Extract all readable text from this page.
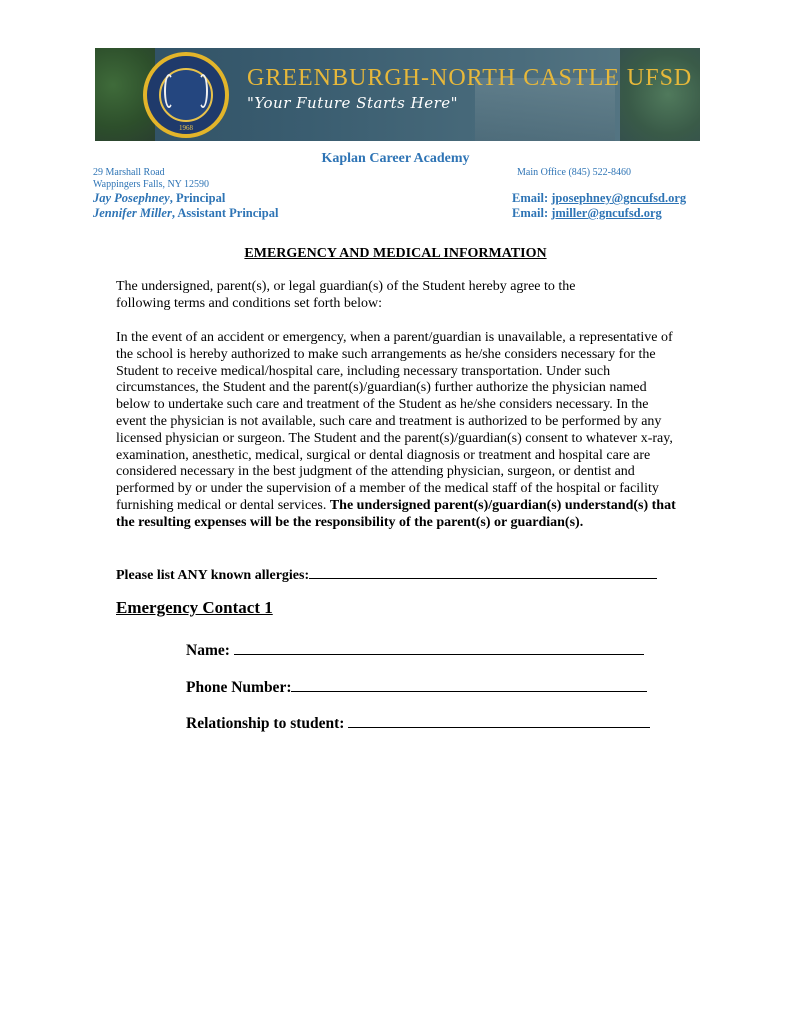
1968
GREENBURGH-NORTH CASTLE UFSD
"Your Future Starts Here"
Kaplan Career Academy
29 Marshall Road
Wappingers Falls, NY 12590
Main Office (845) 522-8460
Jay Posephney, Principal
Jennifer Miller, Assistant Principal
Email: jposephney@gncufsd.org
Email: jmiller@gncufsd.org
EMERGENCY AND MEDICAL INFORMATION
The undersigned, parent(s), or legal guardian(s) of the Student hereby agree to the following terms and conditions set forth below:
In the event of an accident or emergency, when a parent/guardian is unavailable, a representative of the school is hereby authorized to make such arrangements as he/she considers necessary for the Student to receive medical/hospital care, including necessary transportation. Under such circumstances, the Student and the parent(s)/guardian(s) further authorize the physician named below to undertake such care and treatment of the Student as he/she considers necessary. In the event the physician is not available, such care and treatment is authorized to be performed by any licensed physician or surgeon. The Student and the parent(s)/guardian(s) consent to whatever x-ray, examination, anesthetic, medical, surgical or dental diagnosis or treatment and hospital care are considered necessary in the best judgment of the attending physician, surgeon, or dentist and performed by or under the supervision of a member of the medical staff of the hospital or facility furnishing medical or dental services. The undersigned parent(s)/guardian(s) understand(s) that the resulting expenses will be the responsibility of the parent(s) or guardian(s).
Please list ANY known allergies:
Emergency Contact 1
Name:
Phone Number:
Relationship to student:
